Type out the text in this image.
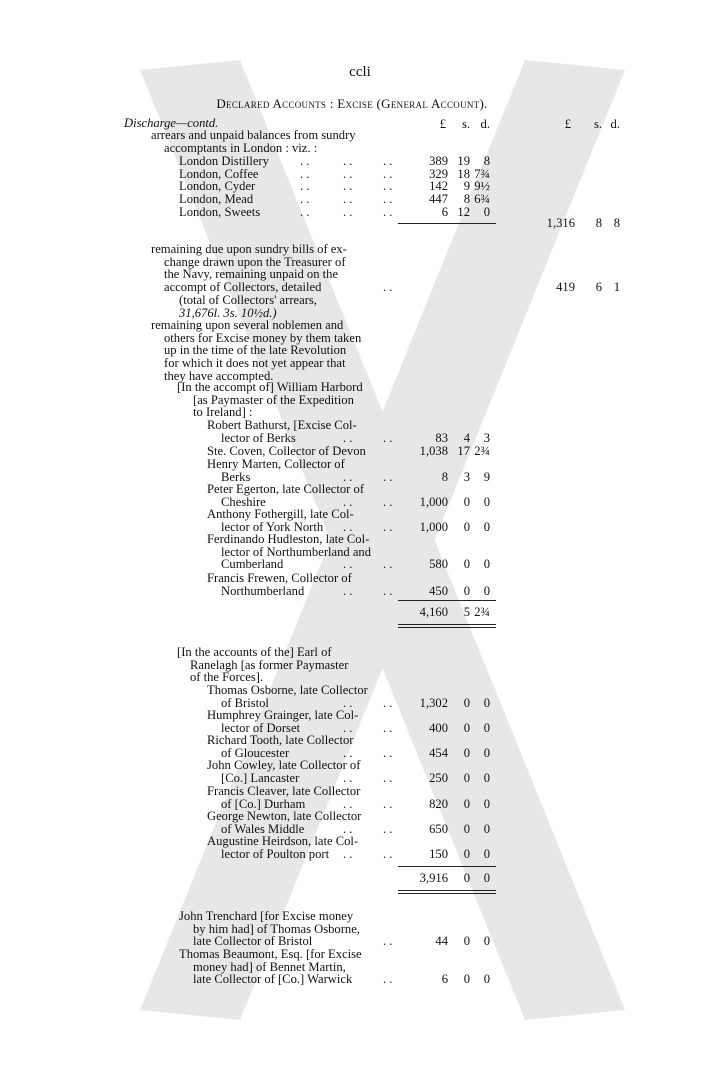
ccli
Declared Accounts : Excise (General Account).
£ s. d.	£ s. d.
Discharge—contd.
arrears and unpaid balances from sundry
accomptants in London : viz. :
London Distillery . .	. . . .	389 19 8
London, Coffee	. .	. . . .	329 18 7¾
London, Cyder	. .	. . . .	142 9 9½
London, Mead	. .	. . . .	447 8 6¾
London, Sweets	. .	. . . .	6 12 0
1,316 8 8
remaining due upon sundry bills of ex-
change drawn upon the Treasurer of
the Navy, remaining unpaid on the
accompt of Collectors, detailed	. .
(total of Collectors' arrears,
31,676l. 3s. 10½d.)
419 6 1
remaining upon several noblemen and
others for Excise money by them taken
up in the time of the late Revolution
for which it does not yet appear that
they have accompted.
[In the accompt of] William Harbord
[as Paymaster of the Expedition
to Ireland] :
Robert Bathurst, [Excise Col-
lector of Berks	. . . .	83 4 3
Ste. Coven, Collector of Devon	1,038 17 2¾
Henry Marten, Collector of
Berks	. . . .	8 3 9
Peter Egerton, late Collector of
Cheshire	. . . . 1,000 0 0
Anthony Fothergill, late Col-
lector of York North . . . . 1,000 0 0
Ferdinando Hudleston, late Col-
lector of Northumberland and
Cumberland	. . . .	580 0 0
Francis Frewen, Collector of
Northumberland	. . . .	450 0 0
4,160 5 2¾
[In the accounts of the] Earl of
Ranelagh [as former Paymaster
of the Forces].
Thomas Osborne, late Collector
of Bristol	. . . . 1,302 0 0
Humphrey Grainger, late Col-
lector of Dorset	. . . .	400 0 0
Richard Tooth, late Collector
of Gloucester	. . . .	454 0 0
John Cowley, late Collector of
[Co.] Lancaster	. . . .	250 0 0
Francis Cleaver, late Collector
of [Co.] Durham	. . . .	820 0 0
George Newton, late Collector
of Wales Middle	. . . .	650 0 0
Augustine Heirdson, late Col-
lector of Poulton port . . . .	150 0 0
3,916 0 0
John Trenchard [for Excise money
by him had] of Thomas Osborne,
late Collector of Bristol	. .	44 0 0
Thomas Beaumont, Esq. [for Excise
money had] of Bennet Martin,
late Collector of [Co.] Warwick . .	6 0 0
